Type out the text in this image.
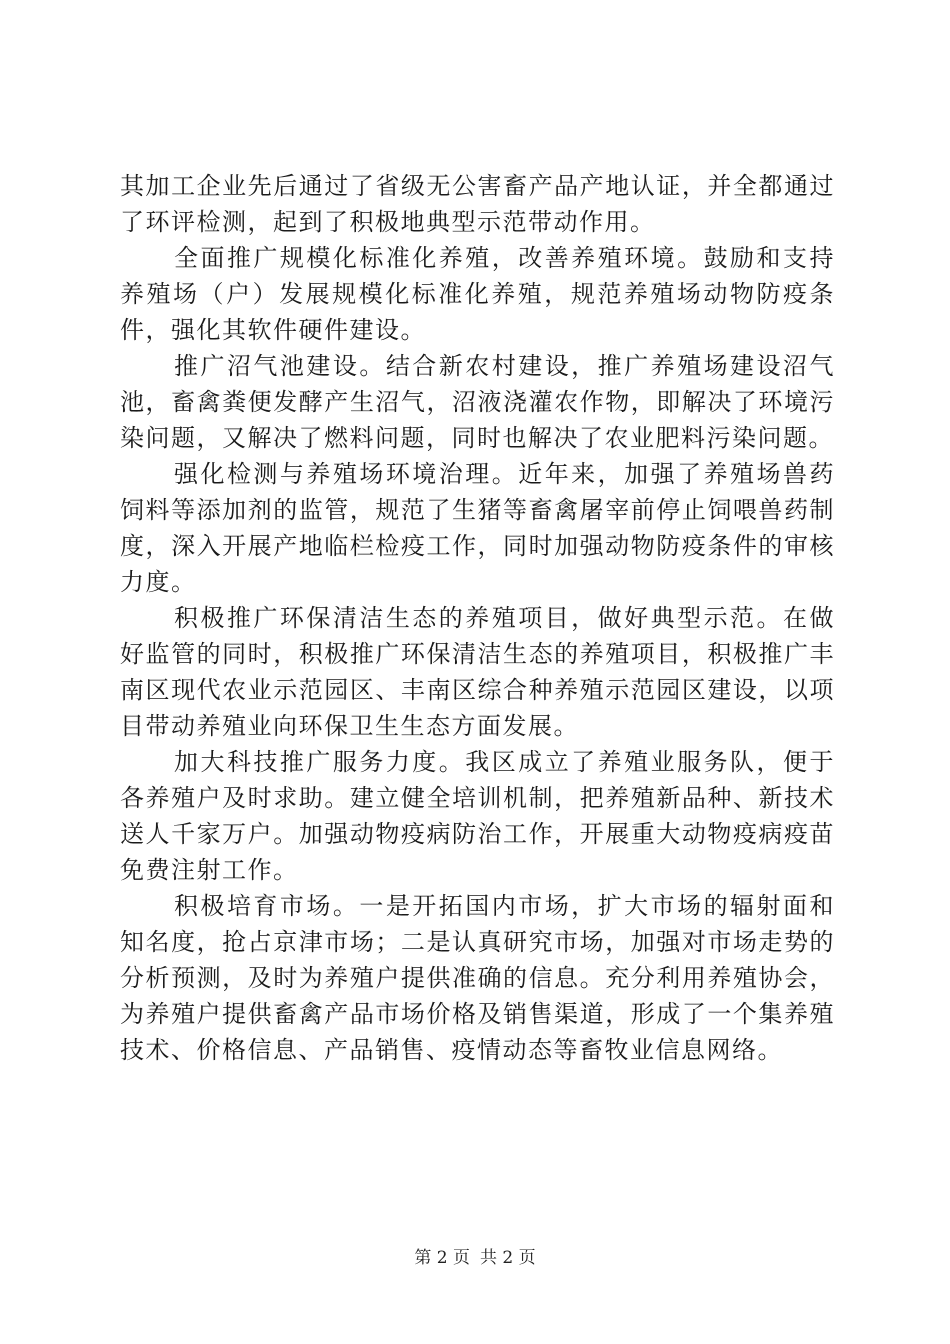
其加工企业先后通过了省级无公害畜产品产地认证，并全都通过了环评检测，起到了积极地典型示范带动作用。

全面推广规模化标准化养殖，改善养殖环境。鼓励和支持养殖场（户）发展规模化标准化养殖，规范养殖场动物防疫条件，强化其软件硬件建设。

推广沼气池建设。结合新农村建设，推广养殖场建设沼气池，畜禽粪便发酵产生沼气，沼液浇灌农作物，即解决了环境污染问题，又解决了燃料问题，同时也解决了农业肥料污染问题。

强化检测与养殖场环境治理。近年来，加强了养殖场兽药饲料等添加剂的监管，规范了生猪等畜禽屠宰前停止饲喂兽药制度，深入开展产地临栏检疫工作，同时加强动物防疫条件的审核力度。

积极推广环保清洁生态的养殖项目，做好典型示范。在做好监管的同时，积极推广环保清洁生态的养殖项目，积极推广丰南区现代农业示范园区、丰南区综合种养殖示范园区建设，以项目带动养殖业向环保卫生生态方面发展。

加大科技推广服务力度。我区成立了养殖业服务队，便于各养殖户及时求助。建立健全培训机制，把养殖新品种、新技术送人千家万户。加强动物疫病防治工作，开展重大动物疫病疫苗免费注射工作。

积极培育市场。一是开拓国内市场，扩大市场的辐射面和知名度，抢占京津市场；二是认真研究市场，加强对市场走势的分析预测，及时为养殖户提供准确的信息。充分利用养殖协会，为养殖户提供畜禽产品市场价格及销售渠道，形成了一个集养殖技术、价格信息、产品销售、疫情动态等畜牧业信息网络。

第 2 页 共 2 页
